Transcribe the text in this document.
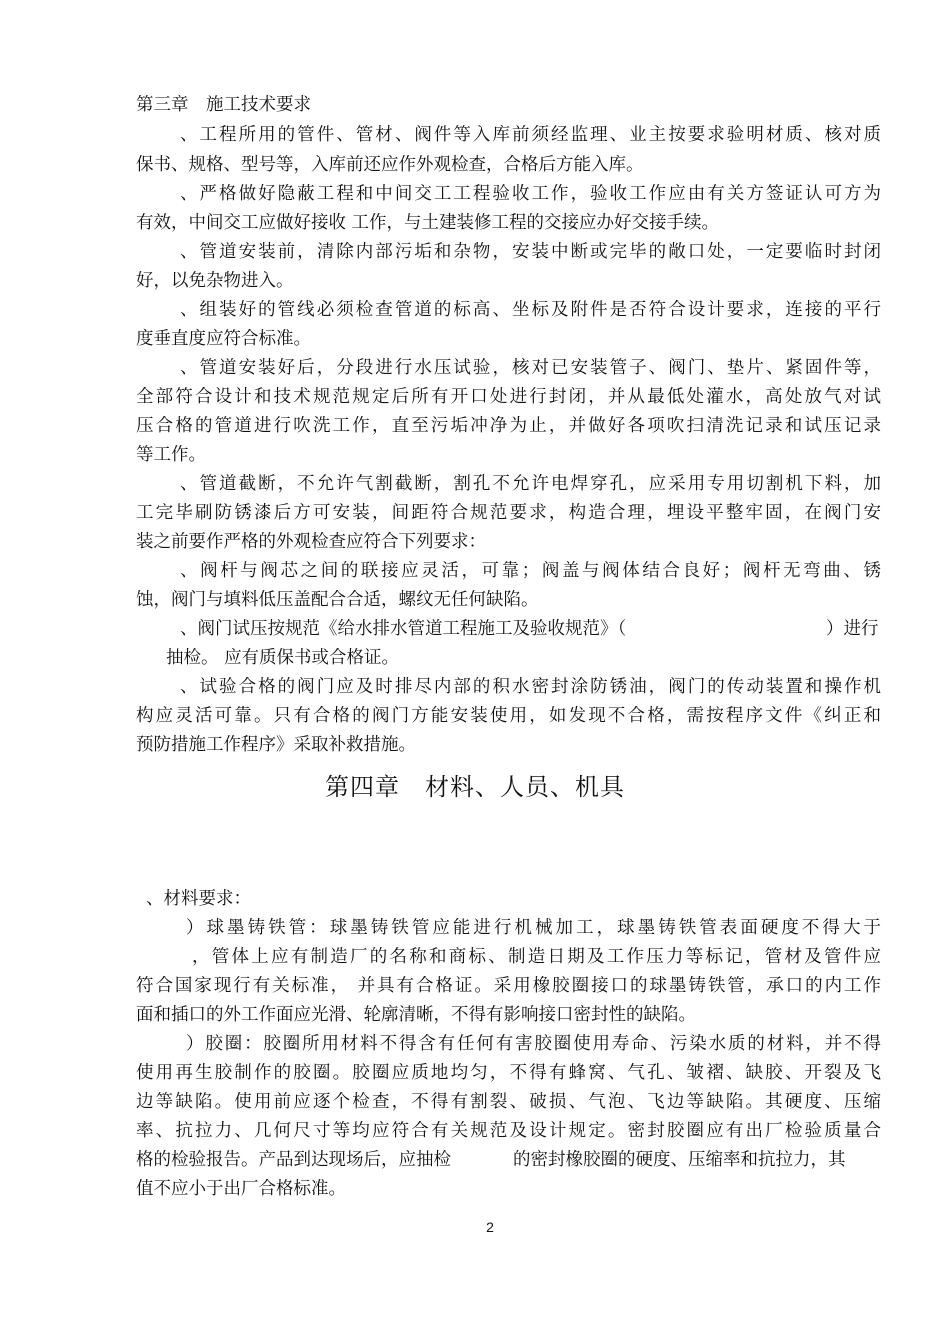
第三章　施工技术要求
、工程所用的管件、管材、阀件等入库前须经监理、业主按要求验明材质、核对质
保书、规格、型号等，入库前还应作外观检查，合格后方能入库。
、严格做好隐蔽工程和中间交工工程验收工作，验收工作应由有关方签证认可方为
有效，中间交工应做好接收 工作，与土建装修工程的交接应办好交接手续。
、管道安装前，清除内部污垢和杂物，安装中断或完毕的敞口处，一定要临时封闭
好，以免杂物进入。
、组装好的管线必须检查管道的标高、坐标及附件是否符合设计要求，连接的平行
度垂直度应符合标准。
、管道安装好后，分段进行水压试验，核对已安装管子、阀门、垫片、紧固件等，
全部符合设计和技术规范规定后所有开口处进行封闭，并从最低处灌水，高处放气对试
压合格的管道进行吹洗工作，直至污垢冲净为止，并做好各项吹扫清洗记录和试压记录
等工作。
、管道截断，不允许气割截断，割孔不允许电焊穿孔，应采用专用切割机下料，加
工完毕刷防锈漆后方可安装，间距符合规范要求，构造合理，埋设平整牢固，在阀门安
装之前要作严格的外观检查应符合下列要求：
、阀杆与阀芯之间的联接应灵活，可靠；阀盖与阀体结合良好；阀杆无弯曲、锈
蚀，阀门与填料低压盖配合合适，螺纹无任何缺陷。
、阀门试压按规范《给水排水管道工程施工及验收规范》（	）进行
抽检。 应有质保书或合格证。
、试验合格的阀门应及时排尽内部的积水密封涂防锈油，阀门的传动装置和操作机
构应灵活可靠。只有合格的阀门方能安装使用，如发现不合格，需按程序文件《纠正和
预防措施工作程序》采取补救措施。
第四章　材料、人员、机具
、材料要求：
）球墨铸铁管：球墨铸铁管应能进行机械加工，球墨铸铁管表面硬度不得大于
，管体上应有制造厂的名称和商标、制造日期及工作压力等标记，管材及管件应
符合国家现行有关标准， 并具有合格证。采用橡胶圈接口的球墨铸铁管，承口的内工作
面和插口的外工作面应光滑、轮廓清晰，不得有影响接口密封性的缺陷。
）胶圈：胶圈所用材料不得含有任何有害胶圈使用寿命、污染水质的材料，并不得
使用再生胶制作的胶圈。胶圈应质地均匀，不得有蜂窝、气孔、皱褶、缺胶、开裂及飞
边等缺陷。使用前应逐个检查，不得有割裂、破损、气泡、飞边等缺陷。其硬度、压缩
率、抗拉力、几何尺寸等均应符合有关规范及设计规定。密封胶圈应有出厂检验质量合
格的检验报告。产品到达现场后，应抽检	的密封橡胶圈的硬度、压缩率和抗拉力，其
值不应小于出厂合格标准。
2
